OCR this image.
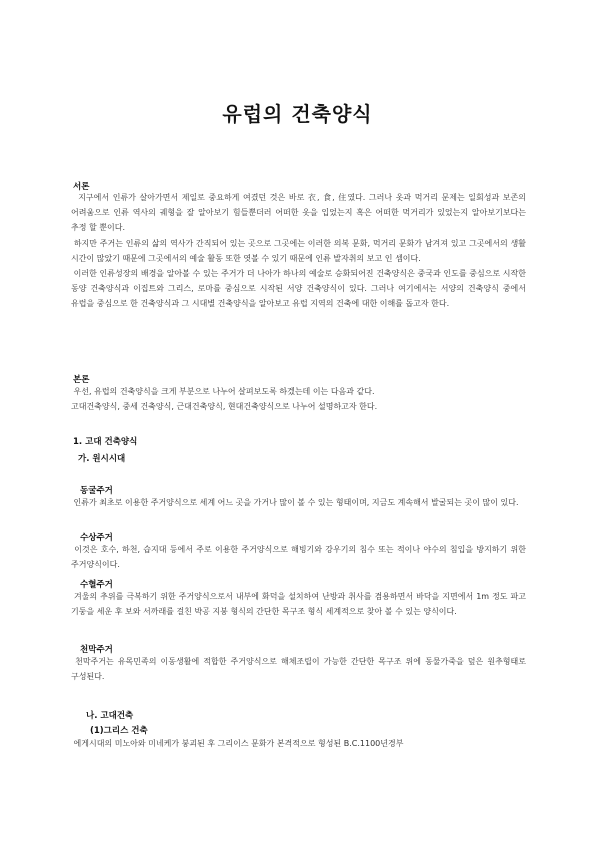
유럽의 건축양식
서론

지구에서 인류가 살아가면서 제일로 중요하게 여겼던 것은 바로 衣, 食, 住였다. 그러나 옷과 먹거리 문제는 일회성과 보존의 어려움으로 인류 역사의 궤형을 잘 알아보기 힘들뿐더러 어떠한 옷을 입었는지 혹은 어떠한 먹거리가 있었는지 알아보기보다는 추정 할 뿐이다.

하지만 주거는 인류의 삶의 역사가 간직되어 있는 곳으로 그곳에는 이러한 의복 문화, 먹거리 문화가 남겨져 있고 그곳에서의 생활 시간이 많았기 때문에 그곳에서의 예술 활동 또한 엿볼 수 있기 때문에 인류 발자취의 보고 인 셈이다.

이러한 인류성장의 배경을 알아볼 수 있는 주거가 더 나아가 하나의 예술로 승화되어진 건축양식은 중국과 인도를 중심으로 시작한 동양 건축양식과 이집트와 그리스, 로마를 중심으로 시작된 서양 건축양식이 있다. 그러나 여기에서는 서양의 건축양식 중에서 유럽을 중심으로 한 건축양식과 그 시대별 건축양식을 알아보고 유럽 지역의 건축에 대한 이해를 돕고자 한다.

본론

우선, 유럽의 건축양식을 크게 부분으로 나누어 살펴보도록 하겠는데 이는 다음과 같다.

고대건축양식, 중세 건축양식, 근대건축양식, 현대건축양식으로 나누어 설명하고자 한다.

1. 고대 건축양식
가. 원시시대
동굴주거

인류가 최초로 이용한 주거양식으로 세계 어느 곳을 가거나 많이 볼 수 있는 형태이며, 지금도 계속해서 발굴되는 곳이 많이 있다.

수상주거

이것은 호수, 하천, 습지대 등에서 주로 이용한 주거양식으로 해빙기와 강우기의 침수 또는 적이나 야수의 침입을 방지하기 위한 주거양식이다.

수혈주거

겨울의 추위를 극복하기 위한 주거양식으로서 내부에 화덕을 설치하여 난방과 취사를 겸용하면서 바닥을 지면에서 1m 정도 파고 기둥을 세운 후 보와 서까래를 걸친 박공 지붕 형식의 간단한 목구조 형식 세계적으로 찾아 볼 수 있는 양식이다.

천막주거

천막주거는 유목민족의 이동생활에 적합한 주거양식으로 해체조립이 가능한 간단한 목구조 위에 동물가죽을 덮은 원추형태로 구성된다.

나. 고대건축
(1)그리스 건축

에게시대의 미노아와 미네케가 붕괴된 후 그리이스 문화가 본격적으로 형성된 B.C.1100년경부
